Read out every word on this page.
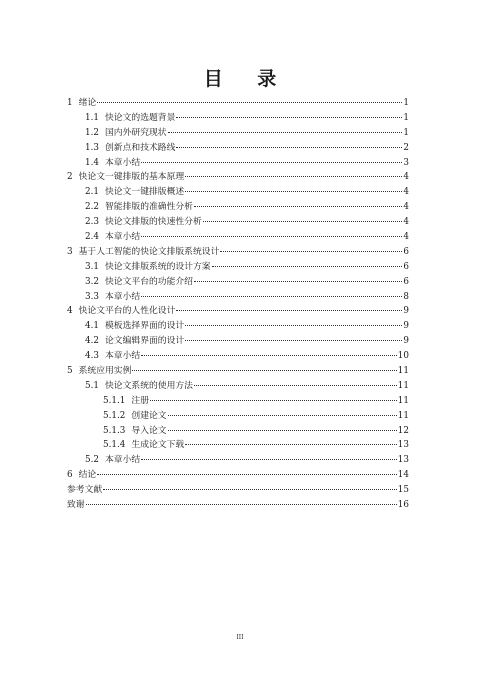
目 录
1 绪论	1
1.1 快论文的选题背景	1
1.2 国内外研究现状	1
1.3 创新点和技术路线	2
1.4 本章小结	3
2 快论文一键排版的基本原理	4
2.1 快论文一键排版概述	4
2.2 智能排版的准确性分析	4
2.3 快论文排版的快速性分析	4
2.4 本章小结	4
3 基于人工智能的快论文排版系统设计	6
3.1 快论文排版系统的设计方案	6
3.2 快论文平台的功能介绍	6
3.3 本章小结	8
4 快论文平台的人性化设计	9
4.1 模板选择界面的设计	9
4.2 论文编辑界面的设计	9
4.3 本章小结	10
5 系统应用实例	11
5.1 快论文系统的使用方法	11
5.1.1 注册	11
5.1.2 创建论文	11
5.1.3 导入论文	12
5.1.4 生成论文下载	13
5.2 本章小结	13
6 结论	14
参考文献	15
致谢	16
III
